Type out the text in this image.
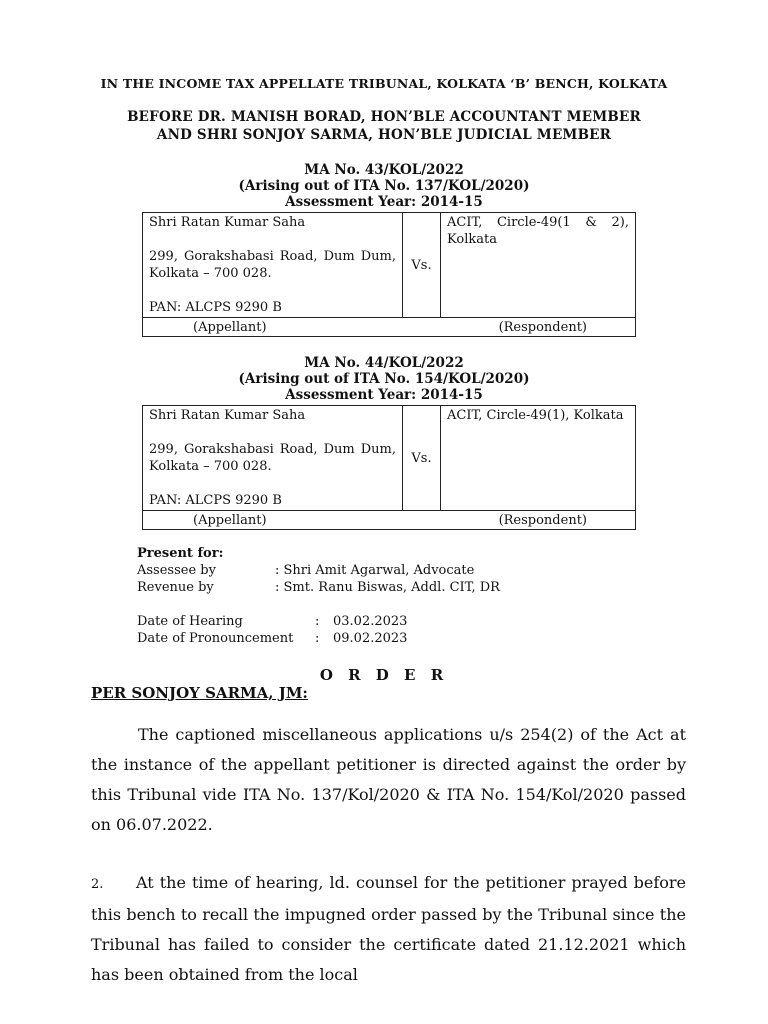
IN THE INCOME TAX APPELLATE TRIBUNAL, KOLKATA ‘B’ BENCH, KOLKATA
BEFORE DR. MANISH BORAD, HON’BLE ACCOUNTANT MEMBER
AND SHRI SONJOY SARMA, HON’BLE JUDICIAL MEMBER
MA No. 43/KOL/2022
(Arising out of ITA No. 137/KOL/2020)
Assessment Year: 2014-15
Shri Ratan Kumar Saha
299, Gorakshabasi Road, Dum Dum, Kolkata – 700 028.
PAN: ALCPS 9290 B
	Vs.	ACIT, Circle-49(1 & 2), Kolkata
(Appellant)	(Respondent)
MA No. 44/KOL/2022
(Arising out of ITA No. 154/KOL/2020)
Assessment Year: 2014-15
Shri Ratan Kumar Saha
299, Gorakshabasi Road, Dum Dum, Kolkata – 700 028.
PAN: ALCPS 9290 B
	Vs.	ACIT, Circle-49(1), Kolkata
(Appellant)	(Respondent)
Present for:
Assessee by	: Shri Amit Agarwal, Advocate
Revenue by	: Smt. Ranu Biswas, Addl. CIT, DR
Date of Hearing	:	03.02.2023
Date of Pronouncement	:	09.02.2023
O R D E R
PER SONJOY SARMA, JM:
The captioned miscellaneous applications u/s 254(2) of the Act at the instance of the appellant petitioner is directed against the order by this Tribunal vide ITA No. 137/Kol/2020 & ITA No. 154/Kol/2020 passed on 06.07.2022.
2. At the time of hearing, ld. counsel for the petitioner prayed before this bench to recall the impugned order passed by the Tribunal since the Tribunal has failed to consider the certificate dated 21.12.2021 which has been obtained from the local
